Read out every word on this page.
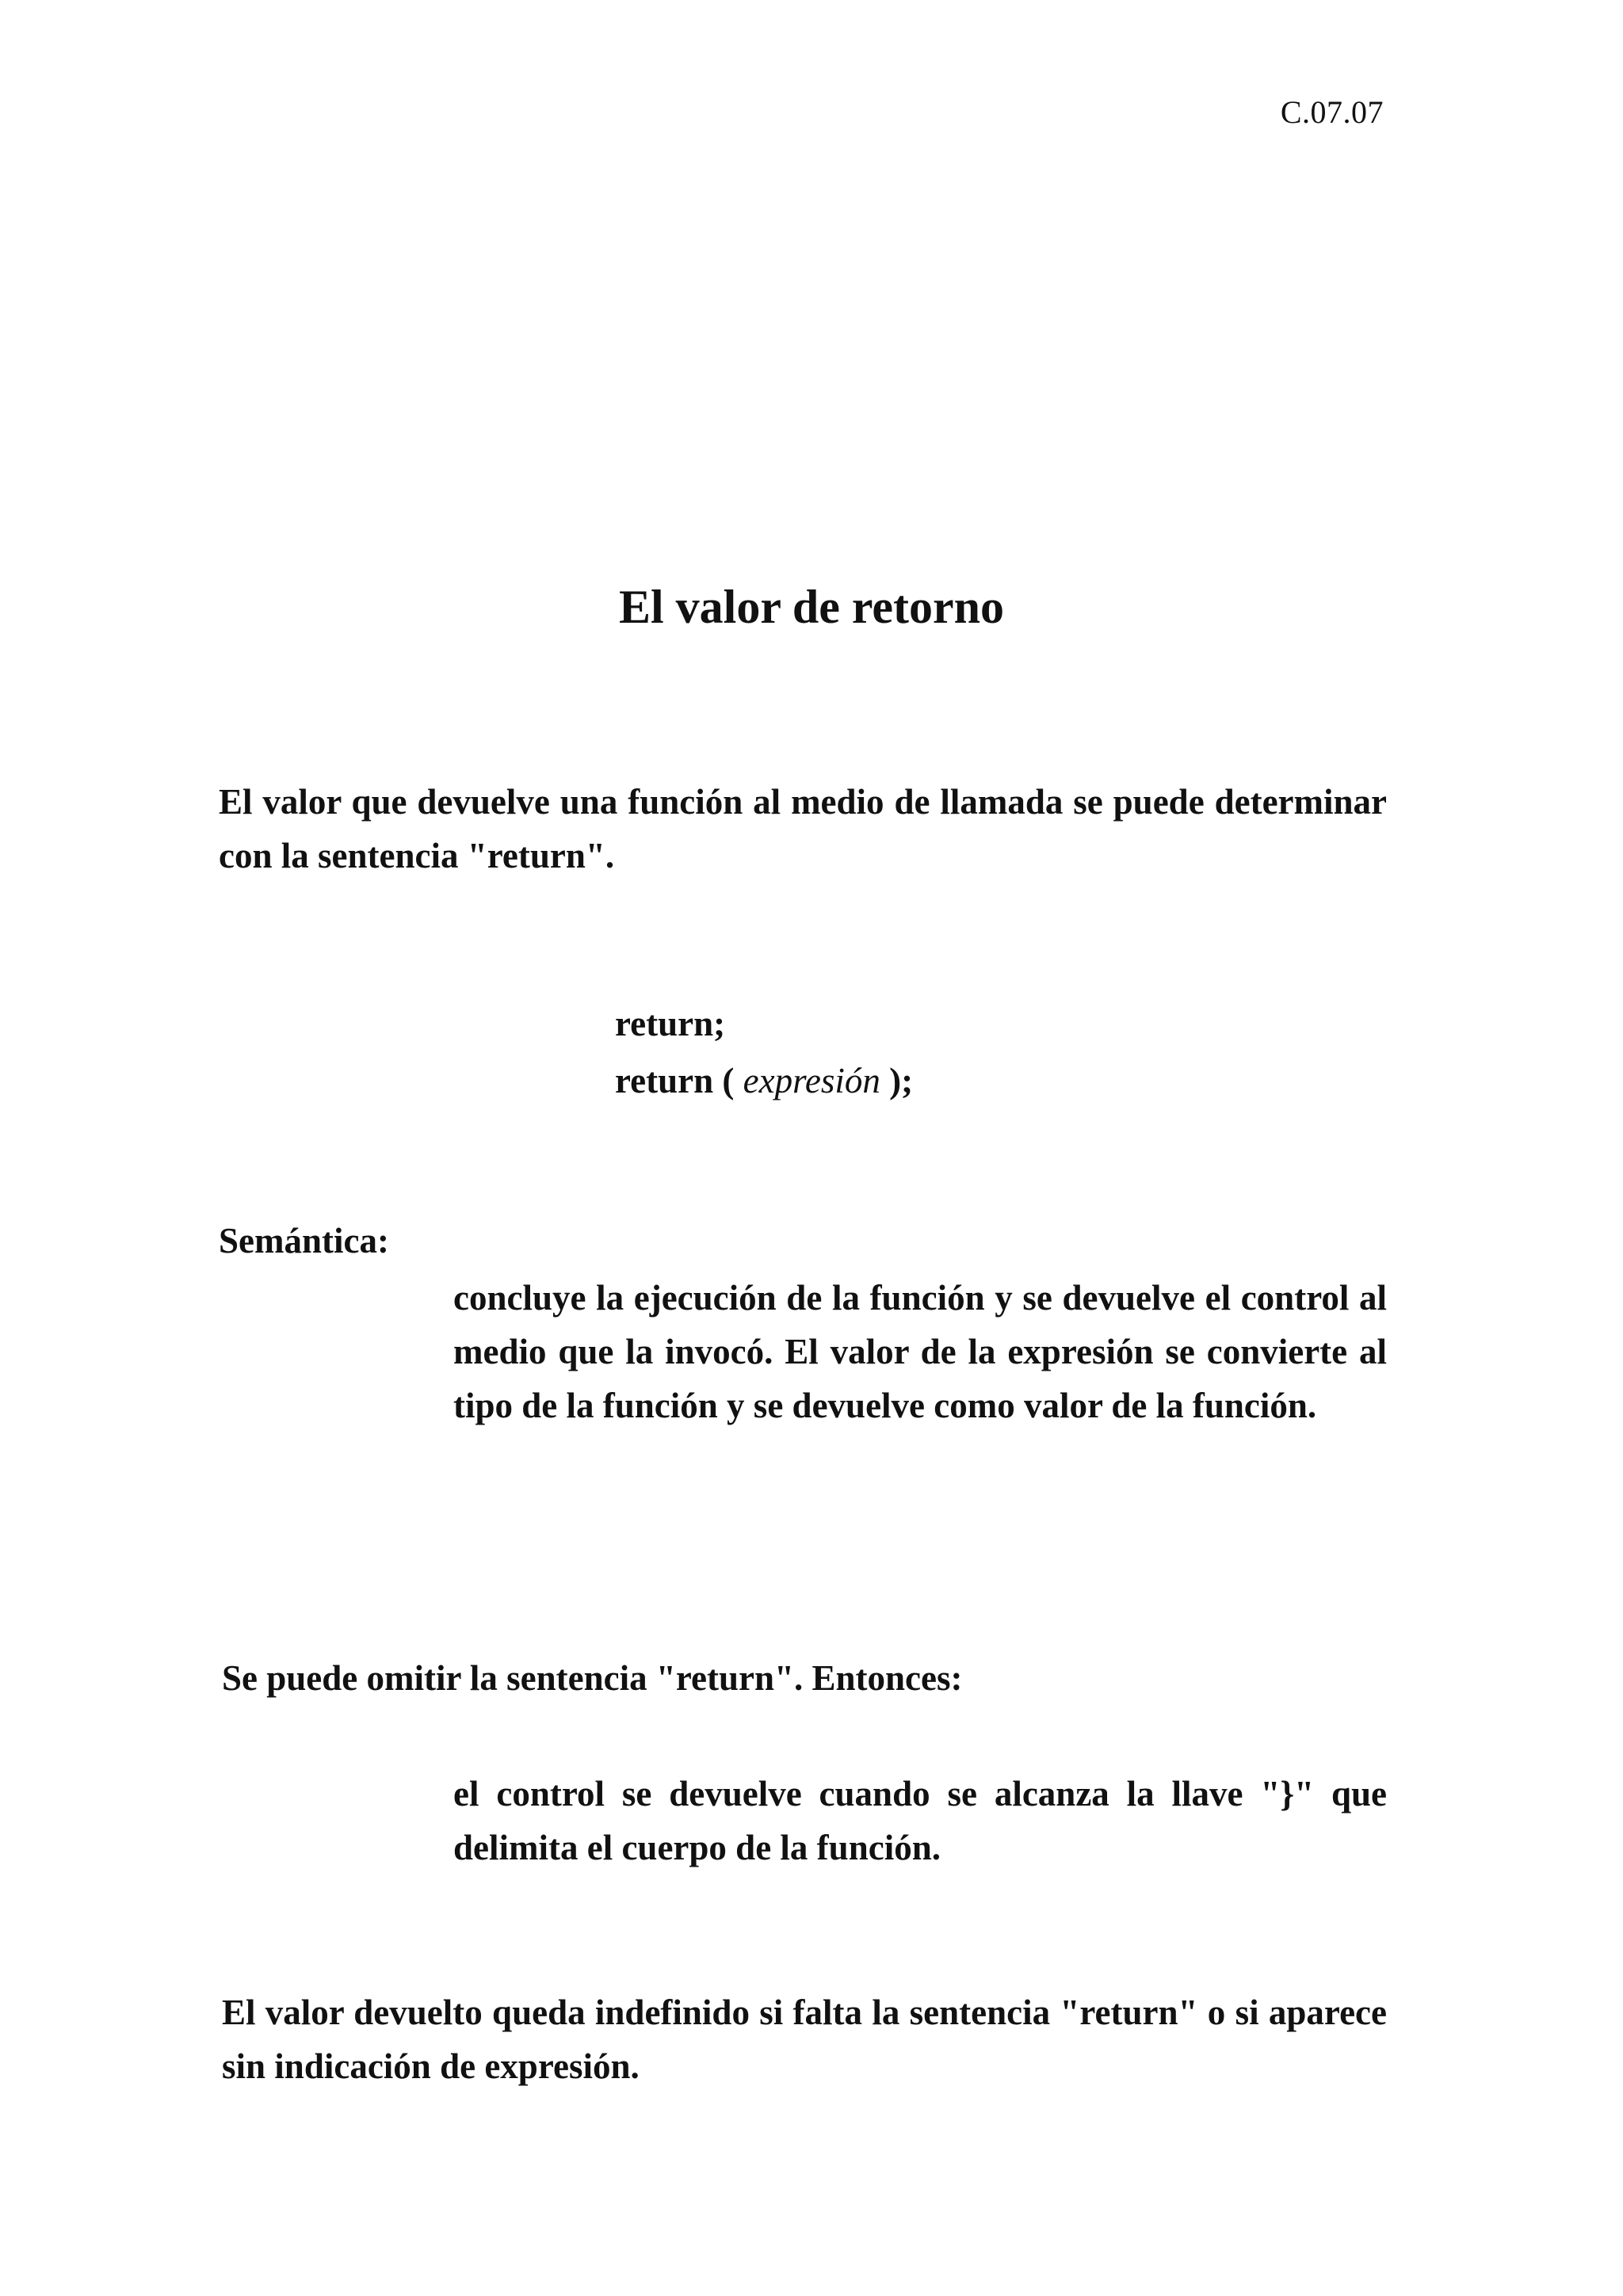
C.07.07
El valor de retorno

El valor que devuelve una función al medio de llamada se puede determinar con la sentencia "return".

return;
return ( expresión );

Semántica:

concluye la ejecución de la función y se devuelve el control al medio que la invocó. El valor de la expresión se convierte al tipo de la función y se devuelve como valor de la función.

Se puede omitir la sentencia "return". Entonces:

el control se devuelve cuando se alcanza la llave "}" que delimita el cuerpo de la función.

El valor devuelto queda indefinido si falta la sentencia "return" o si aparece sin indicación de expresión.
